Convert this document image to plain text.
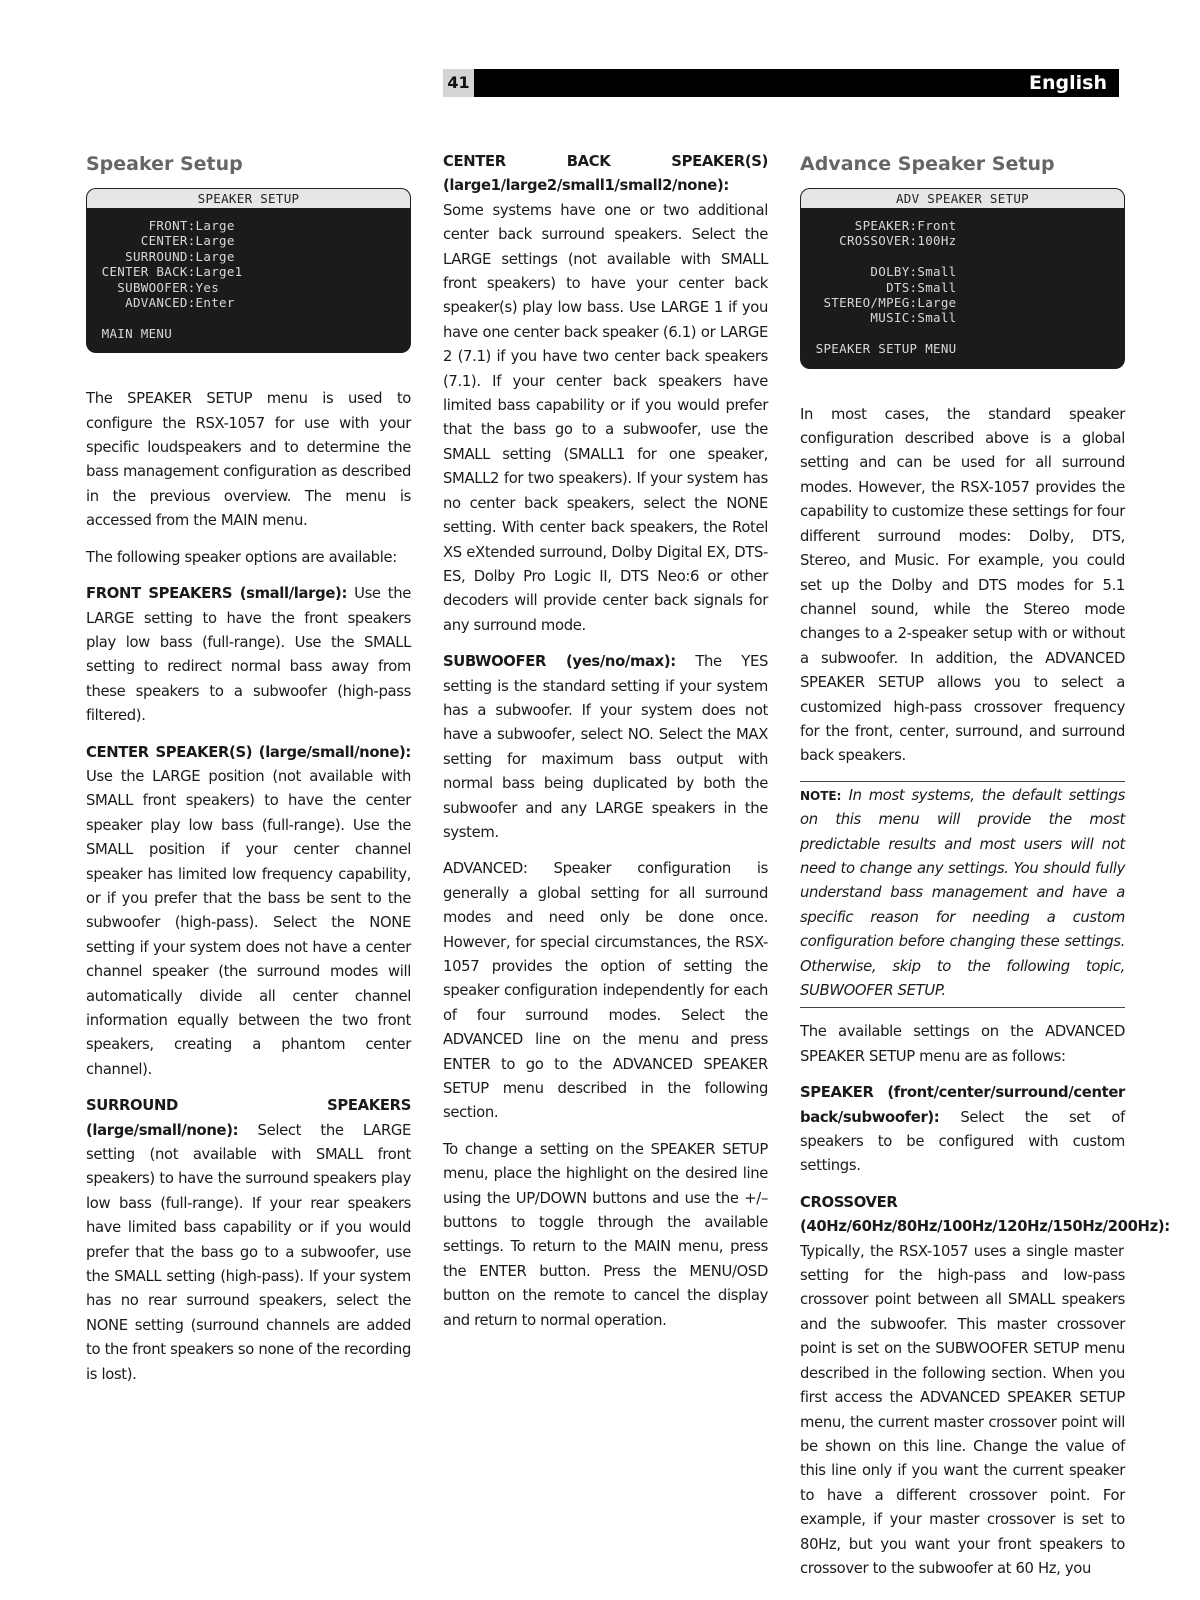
41	English
Speaker Setup
SPEAKER SETUP
FRONT:Large
CENTER:Large
SURROUND:Large
CENTER BACK:Large1
SUBWOOFER:Yes
ADVANCED:Enter

MAIN MENU

The SPEAKER SETUP menu is used to configure the RSX-1057 for use with your specific loudspeakers and to determine the bass management configuration as described in the previous overview. The menu is accessed from the MAIN menu.

The following speaker options are available:

FRONT SPEAKERS (small/large): Use the LARGE setting to have the front speakers play low bass (full-range). Use the SMALL setting to redirect normal bass away from these speakers to a subwoofer (high-pass filtered).

CENTER SPEAKER(S) (large/small/none): Use the LARGE position (not available with SMALL front speakers) to have the center speaker play low bass (full-range). Use the SMALL position if your center channel speaker has limited low frequency capability, or if you prefer that the bass be sent to the subwoofer (high-pass). Select the NONE setting if your system does not have a center channel speaker (the surround modes will automatically divide all center channel information equally between the two front speakers, creating a phantom center channel).

SURROUND SPEAKERS (large/small/none): Select the LARGE setting (not available with SMALL front speakers) to have the surround speakers play low bass (full-range). If your rear speakers have limited bass capability or if you would prefer that the bass go to a subwoofer, use the SMALL setting (high-pass). If your system has no rear surround speakers, select the NONE setting (surround channels are added to the front speakers so none of the recording is lost).

CENTER BACK SPEAKER(S) (large1/large2/small1/small2/none): Some systems have one or two additional center back surround speakers. Select the LARGE settings (not available with SMALL front speakers) to have your center back speaker(s) play low bass. Use LARGE 1 if you have one center back speaker (6.1) or LARGE 2 (7.1) if you have two center back speakers (7.1). If your center back speakers have limited bass capability or if you would prefer that the bass go to a subwoofer, use the SMALL setting (SMALL1 for one speaker, SMALL2 for two speakers). If your system has no center back speakers, select the NONE setting. With center back speakers, the Rotel XS eXtended surround, Dolby Digital EX, DTS-ES, Dolby Pro Logic II, DTS Neo:6 or other decoders will provide center back signals for any surround mode.

SUBWOOFER (yes/no/max): The YES setting is the standard setting if your system has a subwoofer. If your system does not have a subwoofer, select NO. Select the MAX setting for maximum bass output with normal bass being duplicated by both the subwoofer and any LARGE speakers in the system.

ADVANCED: Speaker configuration is generally a global setting for all surround modes and need only be done once. However, for special circumstances, the RSX-1057 provides the option of setting the speaker configuration independently for each of four surround modes. Select the ADVANCED line on the menu and press ENTER to go to the ADVANCED SPEAKER SETUP menu described in the following section.

To change a setting on the SPEAKER SETUP menu, place the highlight on the desired line using the UP/DOWN buttons and use the +/– buttons to toggle through the available settings. To return to the MAIN menu, press the ENTER button. Press the MENU/OSD button on the remote to cancel the display and return to normal operation.

Advance Speaker Setup
ADV SPEAKER SETUP
SPEAKER:Front
CROSSOVER:100Hz

DOLBY:Small
DTS:Small
STEREO/MPEG:Large
MUSIC:Small

SPEAKER SETUP MENU

In most cases, the standard speaker configuration described above is a global setting and can be used for all surround modes. However, the RSX-1057 provides the capability to customize these settings for four different surround modes: Dolby, DTS, Stereo, and Music. For example, you could set up the Dolby and DTS modes for 5.1 channel sound, while the Stereo mode changes to a 2-speaker setup with or without a subwoofer. In addition, the ADVANCED SPEAKER SETUP allows you to select a customized high-pass crossover frequency for the front, center, surround, and surround back speakers.

NOTE: In most systems, the default settings on this menu will provide the most predictable results and most users will not need to change any settings. You should fully understand bass management and have a specific reason for needing a custom configuration before changing these settings. Otherwise, skip to the following topic, SUBWOOFER SETUP.

The available settings on the ADVANCED SPEAKER SETUP menu are as follows:

SPEAKER (front/center/surround/center back/subwoofer): Select the set of speakers to be configured with custom settings.

CROSSOVER (40Hz/60Hz/80Hz/100Hz/120Hz/150Hz/200Hz): Typically, the RSX-1057 uses a single master setting for the high-pass and low-pass crossover point between all SMALL speakers and the subwoofer. This master crossover point is set on the SUBWOOFER SETUP menu described in the following section. When you first access the ADVANCED SPEAKER SETUP menu, the current master crossover point will be shown on this line. Change the value of this line only if you want the current speaker to have a different crossover point. For example, if your master crossover is set to 80Hz, but you want your front speakers to crossover to the subwoofer at 60 Hz, you
